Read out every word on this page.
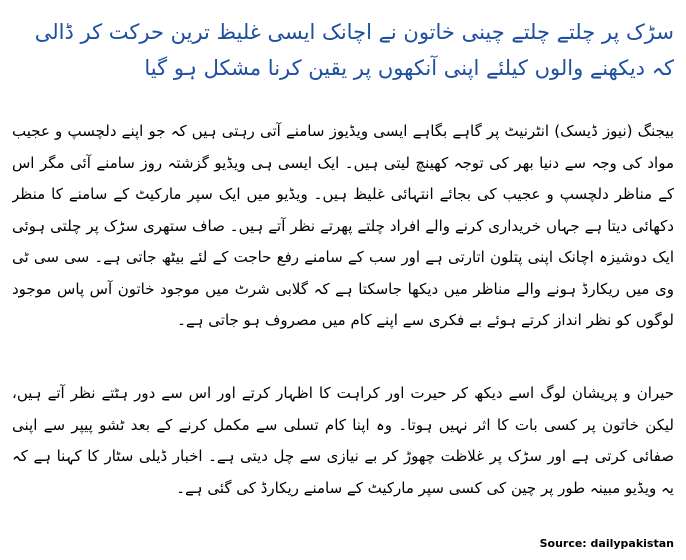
سڑک پر چلتے چلتے چینی خاتون نے اچانک ایسی غلیظ ترین حرکت کر ڈالی کہ دیکھنے والوں کیلئے اپنی آنکھوں پر یقین کرنا مشکل ہو گیا

بیجنگ (نیوز ڈیسک) انٹرنیٹ پر گاہے بگاہے ایسی ویڈیوز سامنے آتی رہتی ہیں کہ جو اپنے دلچسپ و عجیب مواد کی وجہ سے دنیا بھر کی توجہ کھینچ لیتی ہیں۔ ایک ایسی ہی ویڈیو گزشتہ روز سامنے آئی مگر اس کے مناظر دلچسپ و عجیب کی بجائے انتہائی غلیظ ہیں۔ ویڈیو میں ایک سپر مارکیٹ کے سامنے کا منظر دکھائی دیتا ہے جہاں خریداری کرنے والے افراد چلتے پھرتے نظر آتے ہیں۔ صاف ستھری سڑک پر چلتی ہوئی ایک دوشیزہ اچانک اپنی پتلون اتارتی ہے اور سب کے سامنے رفع حاجت کے لئے بیٹھ جاتی ہے۔ سی سی ٹی وی میں ریکارڈ ہونے والے مناظر میں دیکھا جاسکتا ہے کہ گلابی شرٹ میں موجود خاتون آس پاس موجود لوگوں کو نظر انداز کرتے ہوئے بے فکری سے اپنے کام میں مصروف ہو جاتی ہے۔

حیران و پریشان لوگ اسے دیکھ کر حیرت اور کراہت کا اظہار کرتے اور اس سے دور ہٹتے نظر آتے ہیں، لیکن خاتون پر کسی بات کا اثر نہیں ہوتا۔ وہ اپنا کام تسلی سے مکمل کرنے کے بعد ٹشو پیپر سے اپنی صفائی کرتی ہے اور سڑک پر غلاظت چھوڑ کر بے نیازی سے چل دیتی ہے۔ اخبار ڈیلی سٹار کا کہنا ہے کہ یہ ویڈیو مبینہ طور پر چین کی کسی سپر مارکیٹ کے سامنے ریکارڈ کی گئی ہے۔

Source: dailypakistan
